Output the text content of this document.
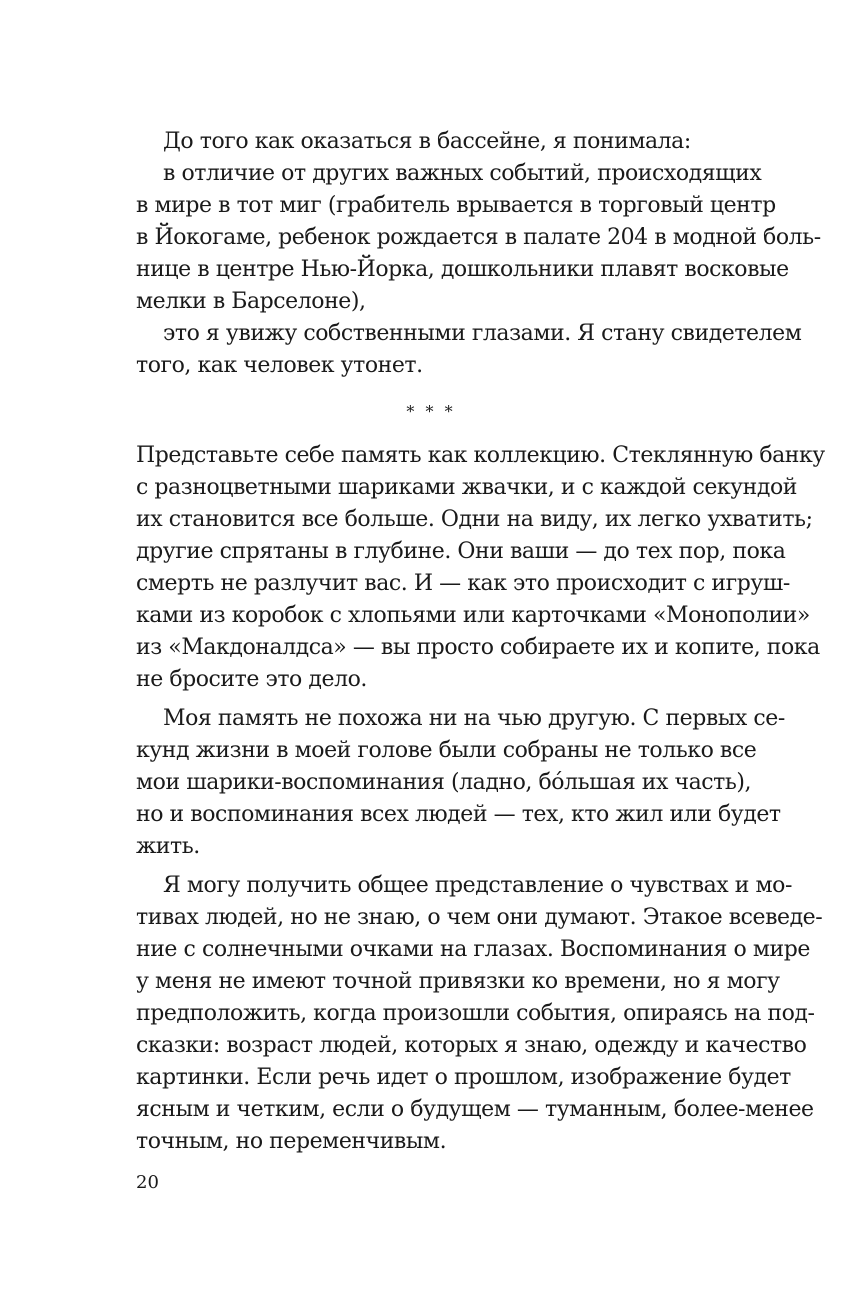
До того как оказаться в бассейне, я понимала:
в отличие от других важных событий, происходящих
в мире в тот миг (грабитель врывается в торговый центр
в Йокогаме, ребенок рождается в палате 204 в модной боль-
нице в центре Нью-Йорка, дошкольники плавят восковые
мелки в Барселоне),
это я увижу собственными глазами. Я стану свидетелем
того, как человек утонет.
* * *
Представьте себе память как коллекцию. Стеклянную банку
с разноцветными шариками жвачки, и с каждой секундой
их становится все больше. Одни на виду, их легко ухватить;
другие спрятаны в глубине. Они ваши — до тех пор, пока
смерть не разлучит вас. И — как это происходит с игруш-
ками из коробок с хлопьями или карточками «Монополии»
из «Макдоналдса» — вы просто собираете их и копите, пока
не бросите это дело.
Моя память не похожа ни на чью другую. С первых се-
кунд жизни в моей голове были собраны не только все
мои шарики-воспоминания (ладно, бóльшая их часть),
но и воспоминания всех людей — тех, кто жил или будет
жить.
Я могу получить общее представление о чувствах и мо-
тивах людей, но не знаю, о чем они думают. Этакое всеведе-
ние с солнечными очками на глазах. Воспоминания о мире
у меня не имеют точной привязки ко времени, но я могу
предположить, когда произошли события, опираясь на под-
сказки: возраст людей, которых я знаю, одежду и качество
картинки. Если речь идет о прошлом, изображение будет
ясным и четким, если о будущем — туманным, более-менее
точным, но переменчивым.
20
